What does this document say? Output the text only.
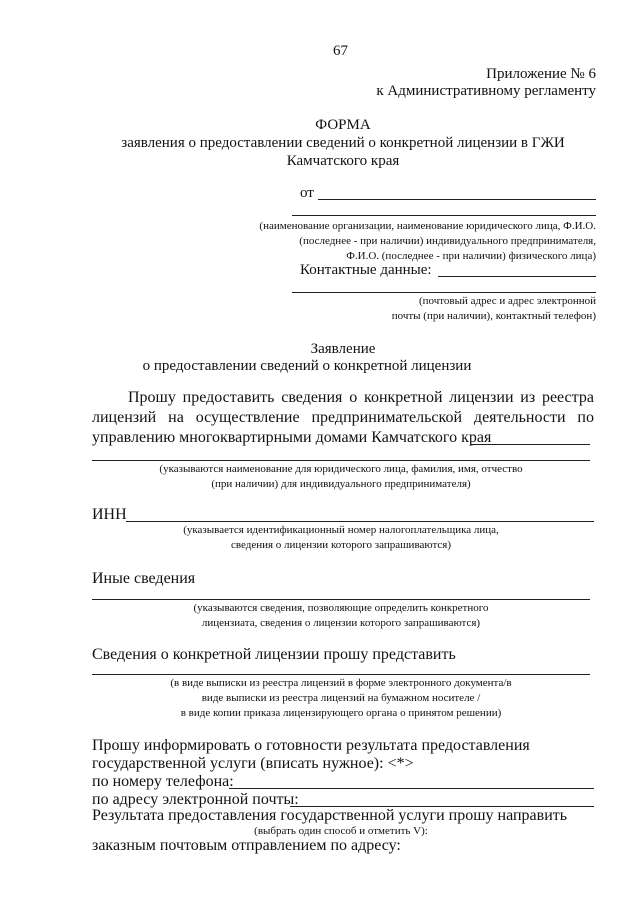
67
Приложение № 6
к Административному регламенту
ФОРМА
заявления о предоставлении сведений о конкретной лицензии в ГЖИ
Камчатского края
от
(наименование организации, наименование юридического лица, Ф.И.О.
(последнее - при наличии) индивидуального предпринимателя,
Ф.И.О. (последнее - при наличии) физического лица)
Контактные данные:
(почтовый адрес и адрес электронной
почты (при наличии), контактный телефон)
Заявление
о предоставлении сведений о конкретной лицензии
Прошу предоставить сведения о конкретной лицензии из реестра
лицензий на осуществление предпринимательской деятельности по
управлению многоквартирными домами Камчатского края
(указываются наименование для юридического лица, фамилия, имя, отчество
(при наличии) для индивидуального предпринимателя)
ИНН
(указывается идентификационный номер налогоплательщика лица,
сведения о лицензии которого запрашиваются)
Иные сведения
(указываются сведения, позволяющие определить конкретного
лицензиата, сведения о лицензии которого запрашиваются)
Сведения о конкретной лицензии прошу представить
(в виде выписки из реестра лицензий в форме электронного документа/в
виде выписки из реестра лицензий на бумажном носителе /
в виде копии приказа лицензирующего органа о принятом решении)
Прошу информировать о готовности результата предоставления
государственной услуги (вписать нужное): <*>
по номеру телефона:
по адресу электронной почты:
Результата предоставления государственной услуги прошу направить
(выбрать один способ и отметить V):
заказным почтовым отправлением по адресу:
